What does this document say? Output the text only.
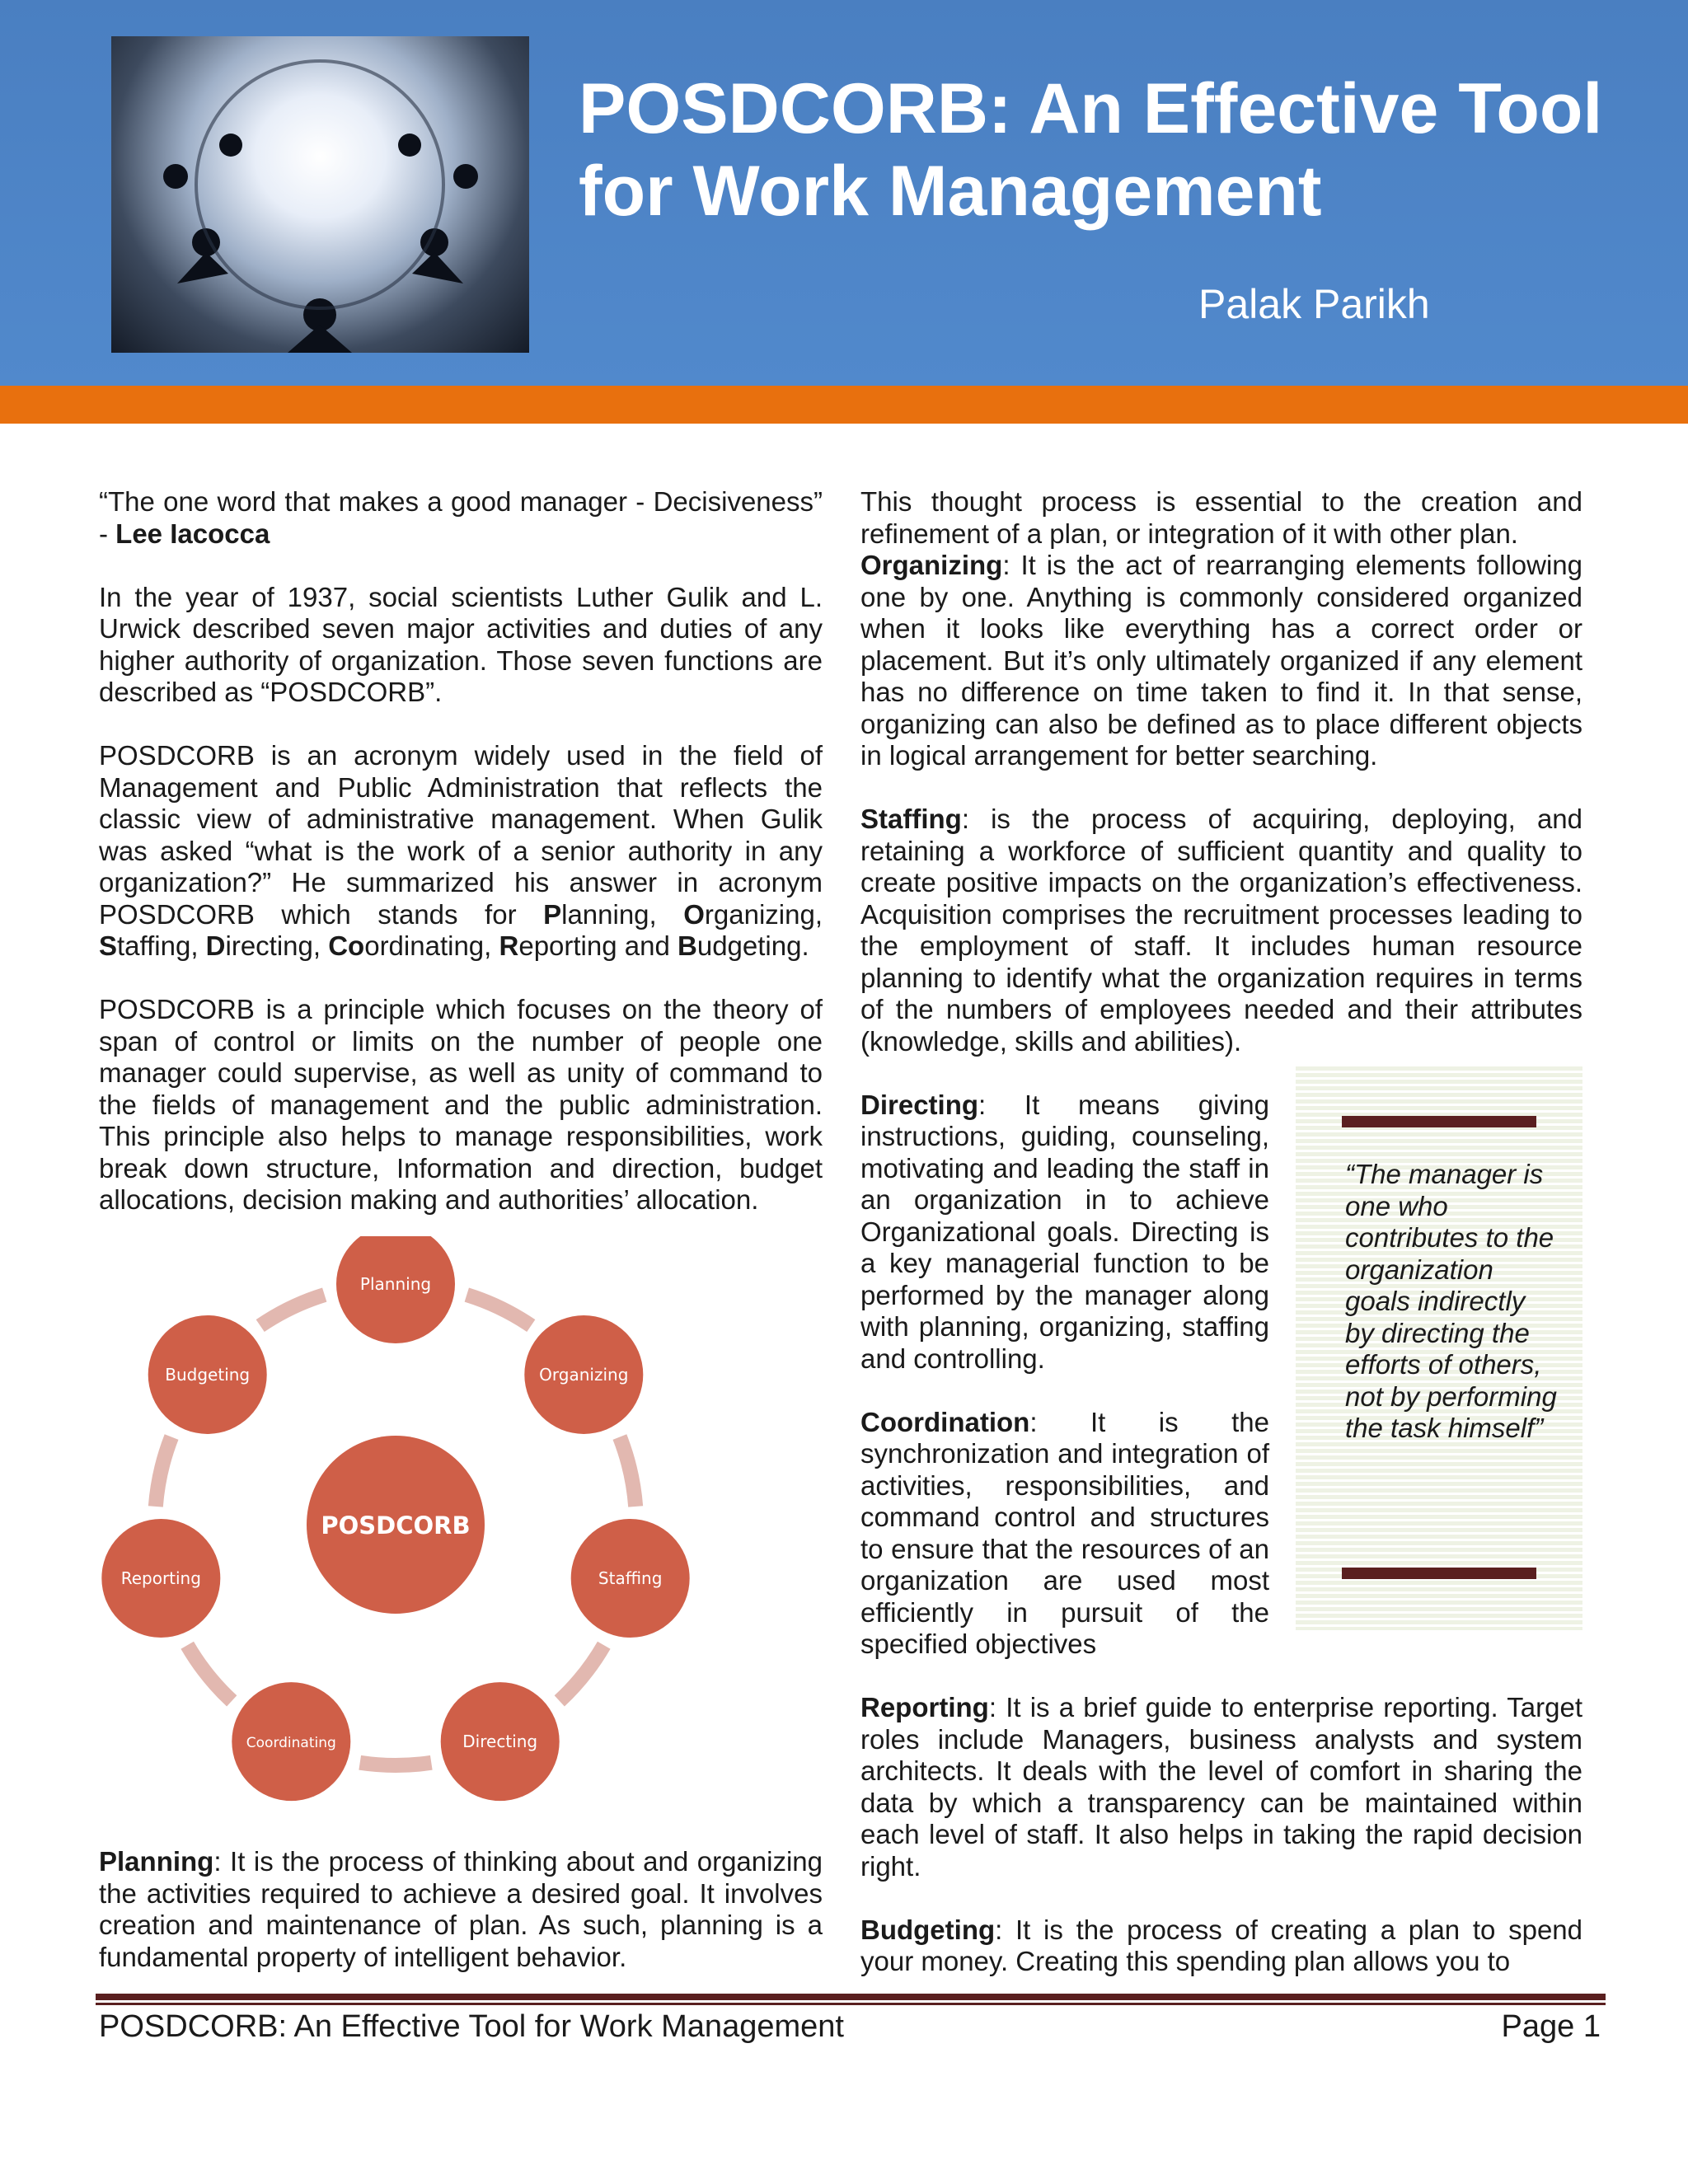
POSDCORB: An Effective Tool
for Work Management
Palak Parikh

“The one word that makes a good manager - Decisiveness” - Lee Iacocca

In the year of 1937, social scientists Luther Gulik and L. Urwick described seven major activities and duties of any higher authority of organization. Those seven functions are described as “POSDCORB”.

POSDCORB is an acronym widely used in the field of Management and Public Administration that reflects the classic view of administrative management. When Gulik was asked “what is the work of a senior authority in any organization?” He summarized his answer in acronym POSDCORB which stands for Planning, Organizing, Staffing, Directing, Coordinating, Reporting and Budgeting.

POSDCORB is a principle which focuses on the theory of span of control or limits on the number of people one manager could supervise, as well as unity of command to the fields of management and the public administration. This principle also helps to manage responsibilities, work break down structure, Information and direction, budget allocations, decision making and authorities’ allocation.

POSDCORB
Planning
Organizing
Staffing
Directing
Coordinating
Reporting
Budgeting

Planning: It is the process of thinking about and organizing the activities required to achieve a desired goal. It involves creation and maintenance of plan. As such, planning is a fundamental property of intelligent behavior.

This thought process is essential to the creation and refinement of a plan, or integration of it with other plan.

Organizing: It is the act of rearranging elements following one by one. Anything is commonly considered organized when it looks like everything has a correct order or placement. But it’s only ultimately organized if any element has no difference on time taken to find it. In that sense, organizing can also be defined as to place different objects in logical arrangement for better searching.

Staffing: is the process of acquiring, deploying, and retaining a workforce of sufficient quantity and quality to create positive impacts on the organization’s effectiveness. Acquisition comprises the recruitment processes leading to the employment of staff. It includes human resource planning to identify what the organization requires in terms of the numbers of employees needed and their attributes (knowledge, skills and abilities).

Directing: It means giving instructions, guiding, counseling, motivating and leading the staff in an organization in to achieve Organizational goals. Directing is a key managerial function to be performed by the manager along with planning, organizing, staffing and controlling.

Coordination: It is the synchronization and integration of activities, responsibilities, and command control and structures to ensure that the resources of an organization are used most efficiently in pursuit of the specified objectives

Reporting: It is a brief guide to enterprise reporting. Target roles include Managers, business analysts and system architects. It deals with the level of comfort in sharing the data by which a transparency can be maintained within each level of staff. It also helps in taking the rapid decision right.

Budgeting: It is the process of creating a plan to spend your money. Creating this spending plan allows you to

“The manager is one who contributes to the organization goals indirectly by directing the efforts of others, not by performing the task himself”
POSDCORB: An Effective Tool for Work Management	Page 1
